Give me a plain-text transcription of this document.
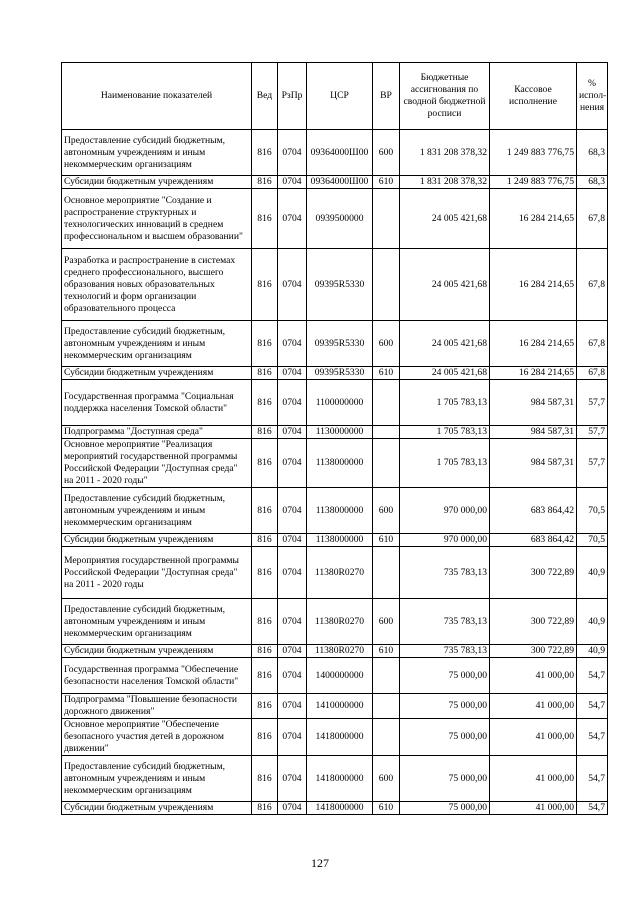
Наименование показателей	Вед	РзПр	ЦСР	ВР	Бюджетные ассигнования по сводной бюджетной росписи	Кассовое исполнение	% испол-нения
Предоставление субсидий бюджетным, автономным учреждениям и иным некоммерческим организациям	816	0704	09364000Ш00	600	1 831 208 378,32	1 249 883 776,75	68,3
Субсидии бюджетным учреждениям	816	0704	09364000Ш00	610	1 831 208 378,32	1 249 883 776,75	68,3
Основное мероприятие "Создание и распространение структурных и технологических инноваций в среднем профессиональном и высшем образовании"	816	0704	0939500000		24 005 421,68	16 284 214,65	67,8
Разработка и распространение в системах среднего профессионального, высшего образования новых образовательных технологий и форм организации образовательного процесса	816	0704	09395R5330		24 005 421,68	16 284 214,65	67,8
Предоставление субсидий бюджетным, автономным учреждениям и иным некоммерческим организациям	816	0704	09395R5330	600	24 005 421,68	16 284 214,65	67,8
Субсидии бюджетным учреждениям	816	0704	09395R5330	610	24 005 421,68	16 284 214,65	67,8
Государственная программа "Социальная поддержка населения Томской области"	816	0704	1100000000		1 705 783,13	984 587,31	57,7
Подпрограмма "Доступная среда"	816	0704	1130000000		1 705 783,13	984 587,31	57,7
Основное мероприятие "Реализация мероприятий государственной программы Российской Федерации "Доступная среда" на 2011 - 2020 годы"	816	0704	1138000000		1 705 783,13	984 587,31	57,7
Предоставление субсидий бюджетным, автономным учреждениям и иным некоммерческим организациям	816	0704	1138000000	600	970 000,00	683 864,42	70,5
Субсидии бюджетным учреждениям	816	0704	1138000000	610	970 000,00	683 864,42	70,5
Мероприятия государственной программы Российской Федерации "Доступная среда" на 2011 - 2020 годы	816	0704	11380R0270		735 783,13	300 722,89	40,9
Предоставление субсидий бюджетным, автономным учреждениям и иным некоммерческим организациям	816	0704	11380R0270	600	735 783,13	300 722,89	40,9
Субсидии бюджетным учреждениям	816	0704	11380R0270	610	735 783,13	300 722,89	40,9
Государственная программа "Обеспечение безопасности населения Томской области"	816	0704	1400000000		75 000,00	41 000,00	54,7
Подпрограмма "Повышение безопасности дорожного движения"	816	0704	1410000000		75 000,00	41 000,00	54,7
Основное мероприятие "Обеспечение безопасного участия детей в дорожном движении"	816	0704	1418000000		75 000,00	41 000,00	54,7
Предоставление субсидий бюджетным, автономным учреждениям и иным некоммерческим организациям	816	0704	1418000000	600	75 000,00	41 000,00	54,7
Субсидии бюджетным учреждениям	816	0704	1418000000	610	75 000,00	41 000,00	54,7
127
